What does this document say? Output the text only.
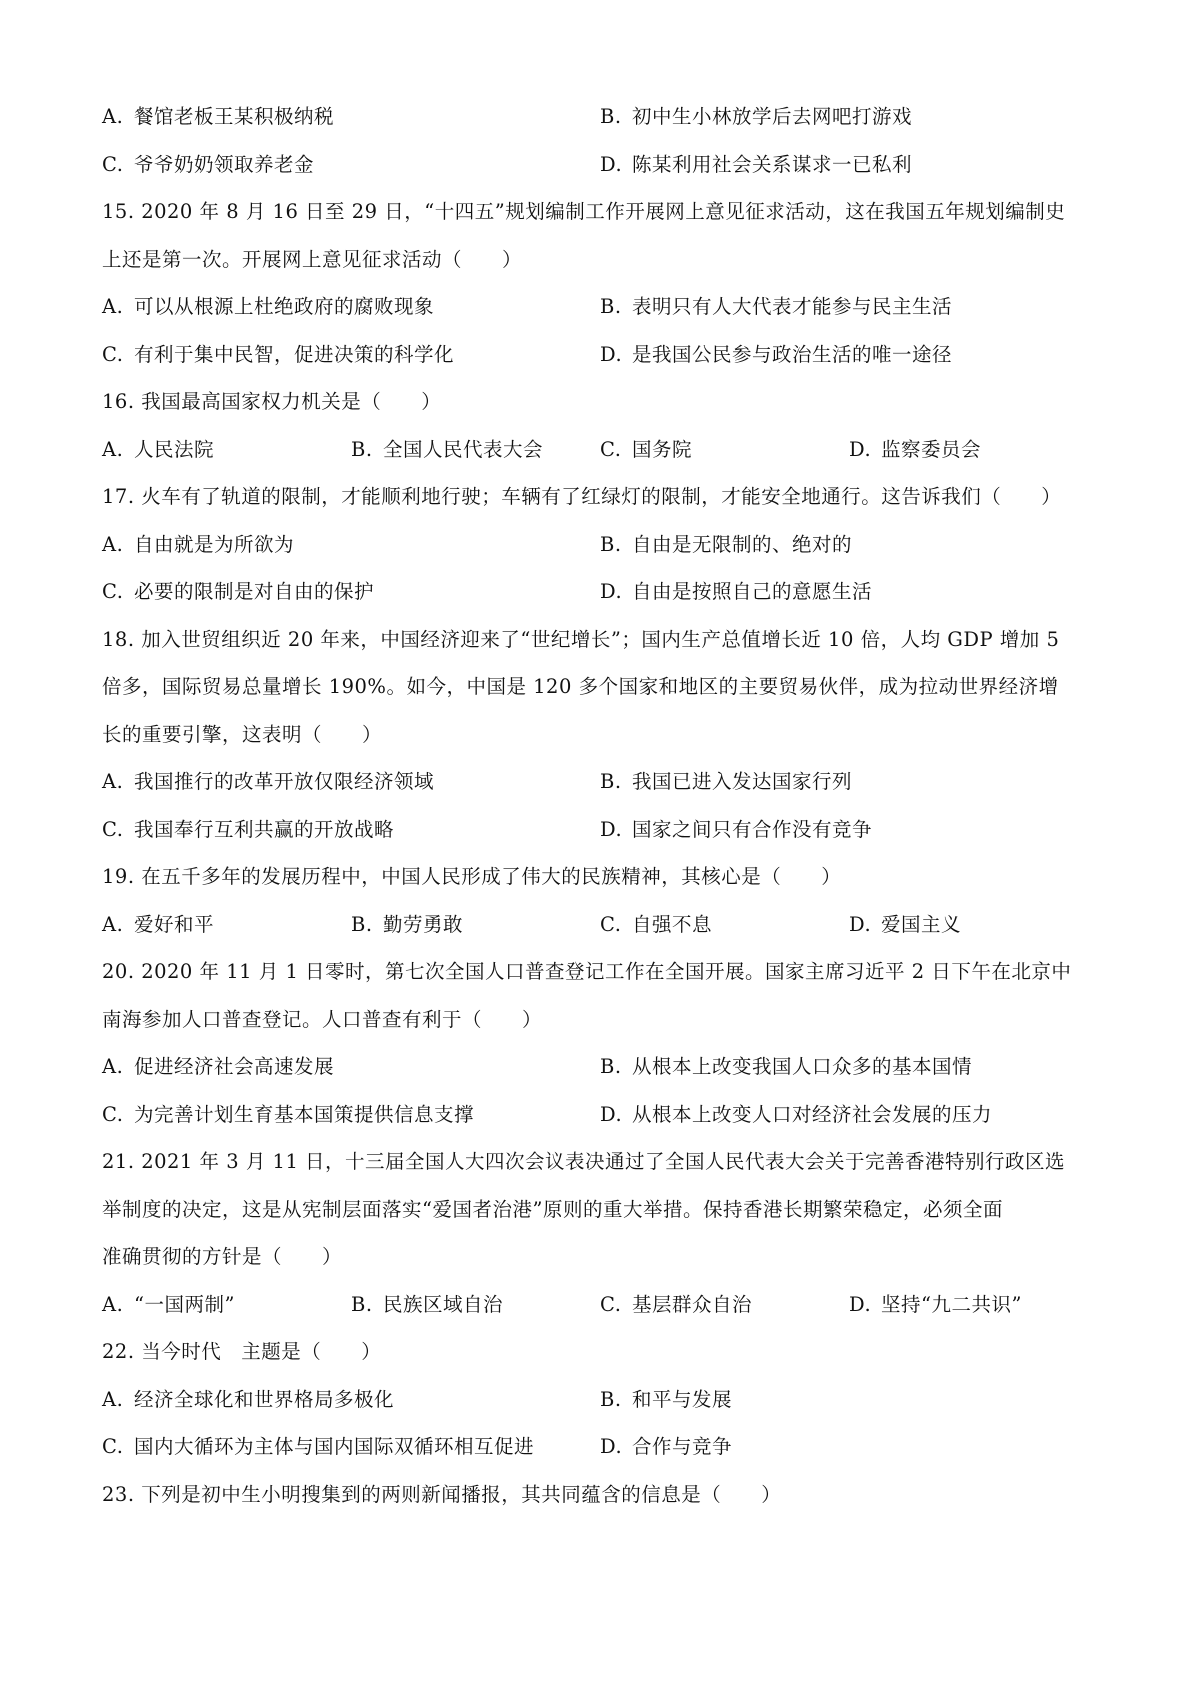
A. 餐馆老板王某积极纳税	B. 初中生小林放学后去网吧打游戏
C. 爷爷奶奶领取养老金	D. 陈某利用社会关系谋求一已私利
15. 2020 年 8 月 16 日至 29 日，“十四五”规划编制工作开展网上意见征求活动，这在我国五年规划编制史
上还是第一次。开展网上意见征求活动（　　）
A. 可以从根源上杜绝政府的腐败现象	B. 表明只有人大代表才能参与民主生活
C. 有利于集中民智，促进决策的科学化	D. 是我国公民参与政治生活的唯一途径
16. 我国最高国家权力机关是（　　）
A. 人民法院	B. 全国人民代表大会	C. 国务院	D. 监察委员会
17. 火车有了轨道的限制，才能顺利地行驶；车辆有了红绿灯的限制，才能安全地通行。这告诉我们（　　）
A. 自由就是为所欲为	B. 自由是无限制的、绝对的
C. 必要的限制是对自由的保护	D. 自由是按照自己的意愿生活
18. 加入世贸组织近 20 年来，中国经济迎来了“世纪增长”；国内生产总值增长近 10 倍，人均 GDP 增加 5
倍多，国际贸易总量增长 190%。如今，中国是 120 多个国家和地区的主要贸易伙伴，成为拉动世界经济增
长的重要引擎，这表明（　　）
A. 我国推行的改革开放仅限经济领域	B. 我国已进入发达国家行列
C. 我国奉行互利共赢的开放战略	D. 国家之间只有合作没有竞争
19. 在五千多年的发展历程中，中国人民形成了伟大的民族精神，其核心是（　　）
A. 爱好和平	B. 勤劳勇敢	C. 自强不息	D. 爱国主义
20. 2020 年 11 月 1 日零时，第七次全国人口普查登记工作在全国开展。国家主席习近平 2 日下午在北京中
南海参加人口普查登记。人口普查有利于（　　）
A. 促进经济社会高速发展	B. 从根本上改变我国人口众多的基本国情
C. 为完善计划生育基本国策提供信息支撑	D. 从根本上改变人口对经济社会发展的压力
21. 2021 年 3 月 11 日，十三届全国人大四次会议表决通过了全国人民代表大会关于完善香港特别行政区选
举制度的决定，这是从宪制层面落实“爱国者治港”原则的重大举措。保持香港长期繁荣稳定，必须全面
准确贯彻的方针是（　　）
A. “一国两制”	B. 民族区域自治	C. 基层群众自治	D. 坚持“九二共识”
22. 当今时代　主题是（　　）
A. 经济全球化和世界格局多极化	B. 和平与发展
C. 国内大循环为主体与国内国际双循环相互促进	D. 合作与竞争
23. 下列是初中生小明搜集到的两则新闻播报，其共同蕴含的信息是（　　）
